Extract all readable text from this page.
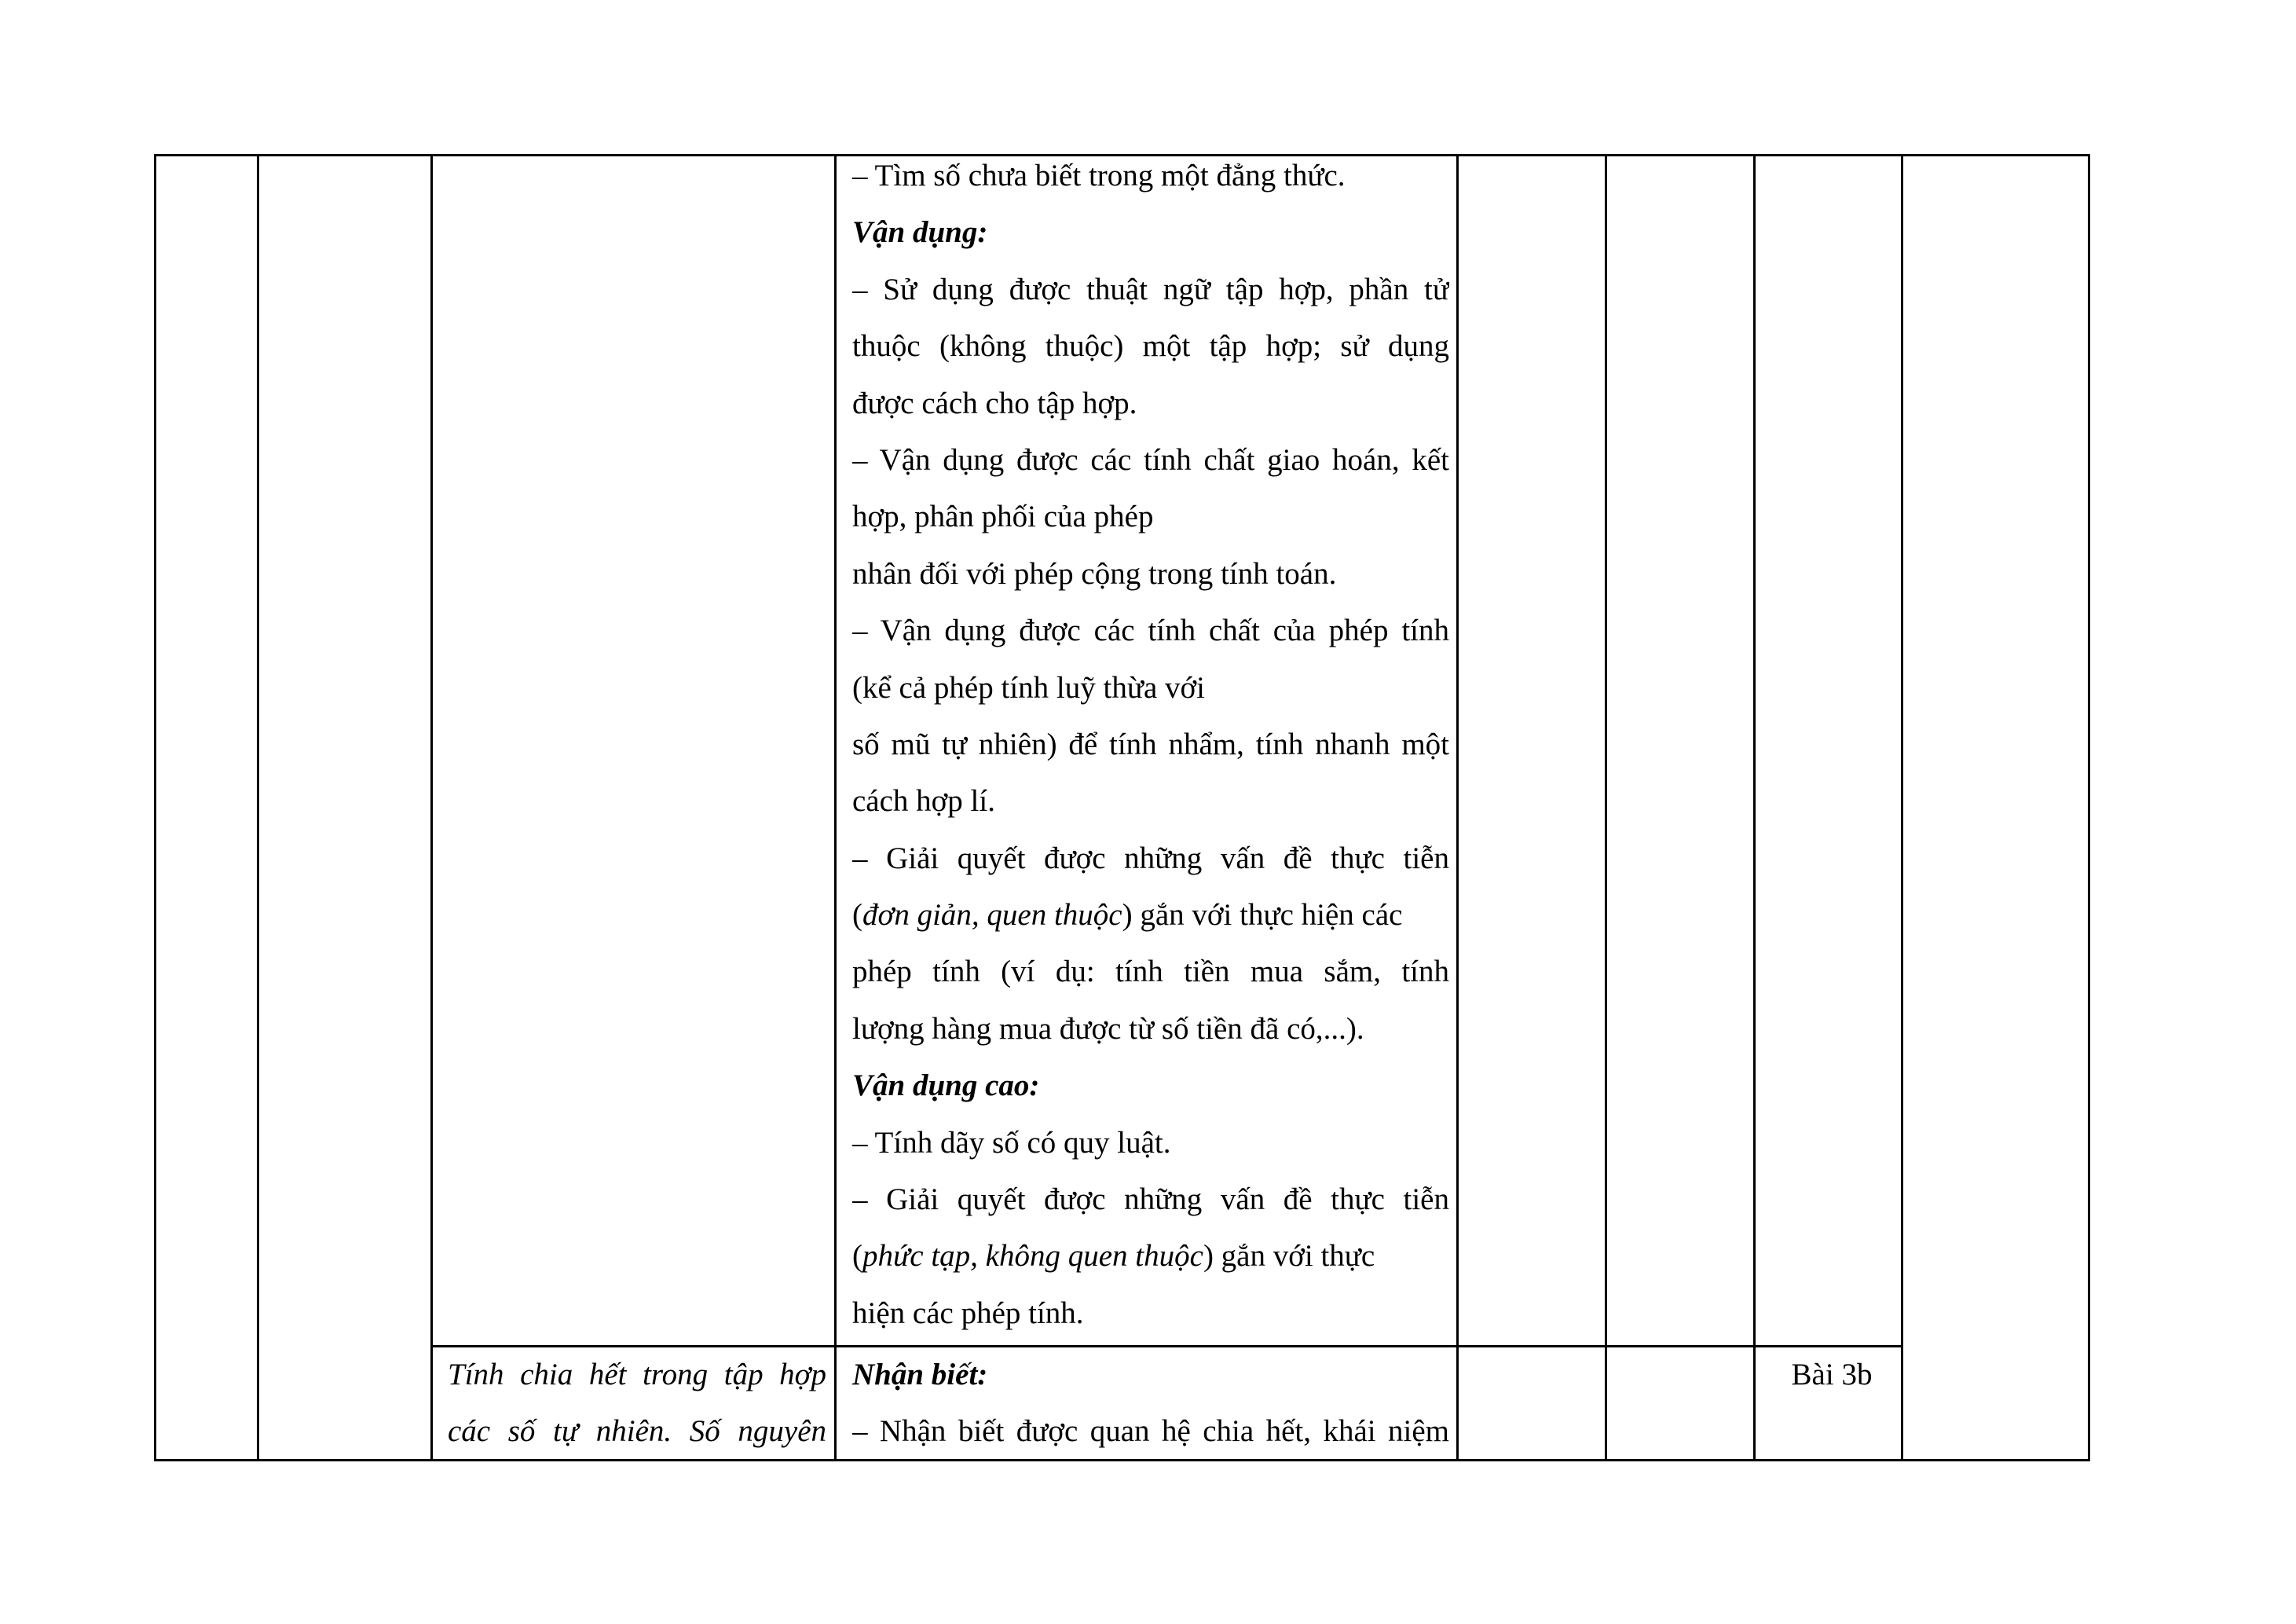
– Tìm số chưa biết trong một đẳng thức.
Vận dụng:
– Sử dụng được thuật ngữ tập hợp, phần tử
thuộc (không thuộc) một tập hợp; sử dụng
được cách cho tập hợp.
– Vận dụng được các tính chất giao hoán, kết
hợp, phân phối của phép
nhân đối với phép cộng trong tính toán.
– Vận dụng được các tính chất của phép tính
(kể cả phép tính luỹ thừa với
số mũ tự nhiên) để tính nhẩm, tính nhanh một
cách hợp lí.
– Giải quyết được những vấn đề thực tiễn
(đơn giản, quen thuộc) gắn với thực hiện các
phép tính (ví dụ: tính tiền mua sắm, tính
lượng hàng mua được từ số tiền đã có,...).
Vận dụng cao:
– Tính dãy số có quy luật.
– Giải quyết được những vấn đề thực tiễn
(phức tạp, không quen thuộc) gắn với thực
hiện các phép tính.
Tính chia hết trong tập hợp
các số tự nhiên. Số nguyên
Nhận biết:
– Nhận biết được quan hệ chia hết, khái niệm
Bài 3b
